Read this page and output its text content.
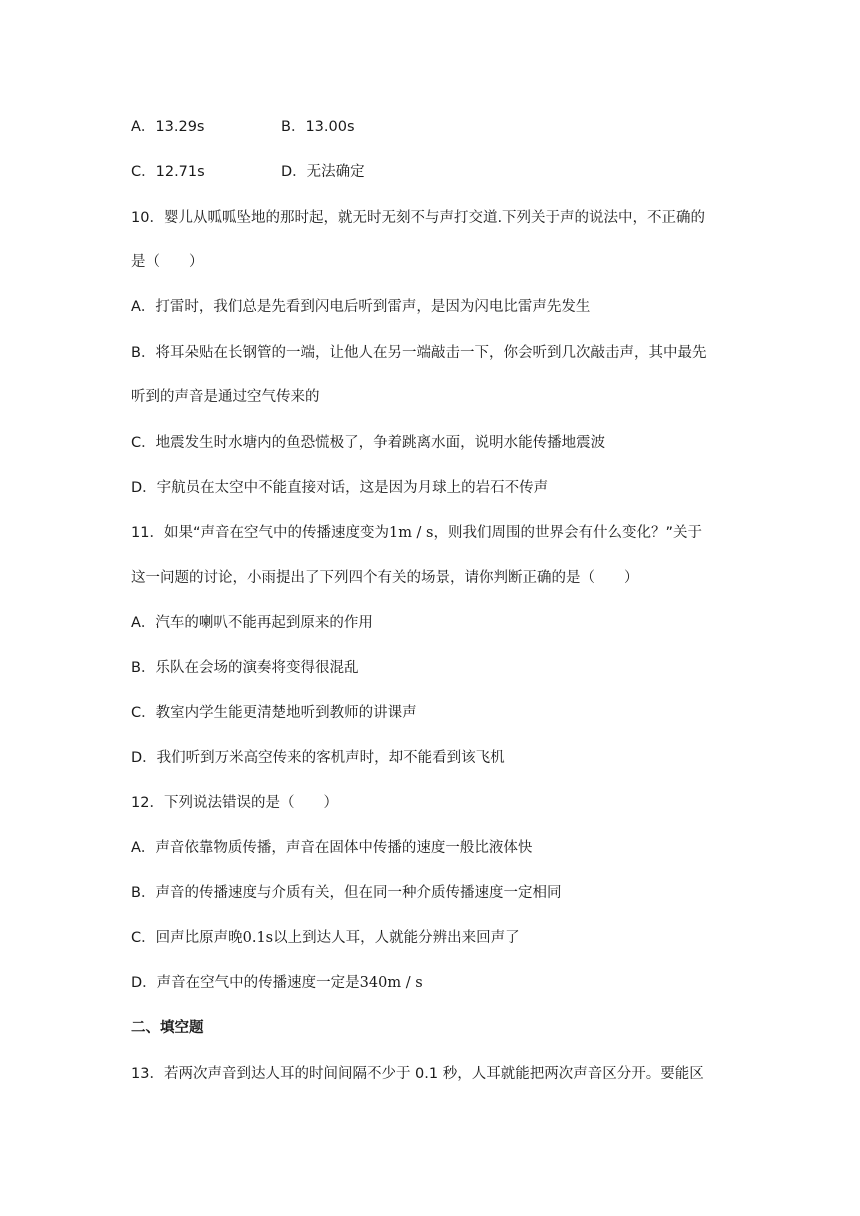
A．13.29s	B．13.00s
C．12.71s	D．无法确定
10．婴儿从呱呱坠地的那时起，就无时无刻不与声打交道.下列关于声的说法中，不正确的
是（　　）
A．打雷时，我们总是先看到闪电后听到雷声，是因为闪电比雷声先发生
B．将耳朵贴在长钢管的一端，让他人在另一端敲击一下，你会听到几次敲击声，其中最先
听到的声音是通过空气传来的
C．地震发生时水塘内的鱼恐慌极了，争着跳离水面，说明水能传播地震波
D．宇航员在太空中不能直接对话，这是因为月球上的岩石不传声
11．如果“声音在空气中的传播速度变为1m / s，则我们周围的世界会有什么变化？”关于
这一问题的讨论，小雨提出了下列四个有关的场景，请你判断正确的是（　　）
A．汽车的喇叭不能再起到原来的作用
B．乐队在会场的演奏将变得很混乱
C．教室内学生能更清楚地听到教师的讲课声
D．我们听到万米高空传来的客机声时，却不能看到该飞机
12．下列说法错误的是（　　）
A．声音依靠物质传播，声音在固体中传播的速度一般比液体快
B．声音的传播速度与介质有关，但在同一种介质传播速度一定相同
C．回声比原声晚0.1s以上到达人耳，人就能分辨出来回声了
D．声音在空气中的传播速度一定是340m / s
二、填空题
13．若两次声音到达人耳的时间间隔不少于 0.1 秒，人耳就能把两次声音区分开。要能区
